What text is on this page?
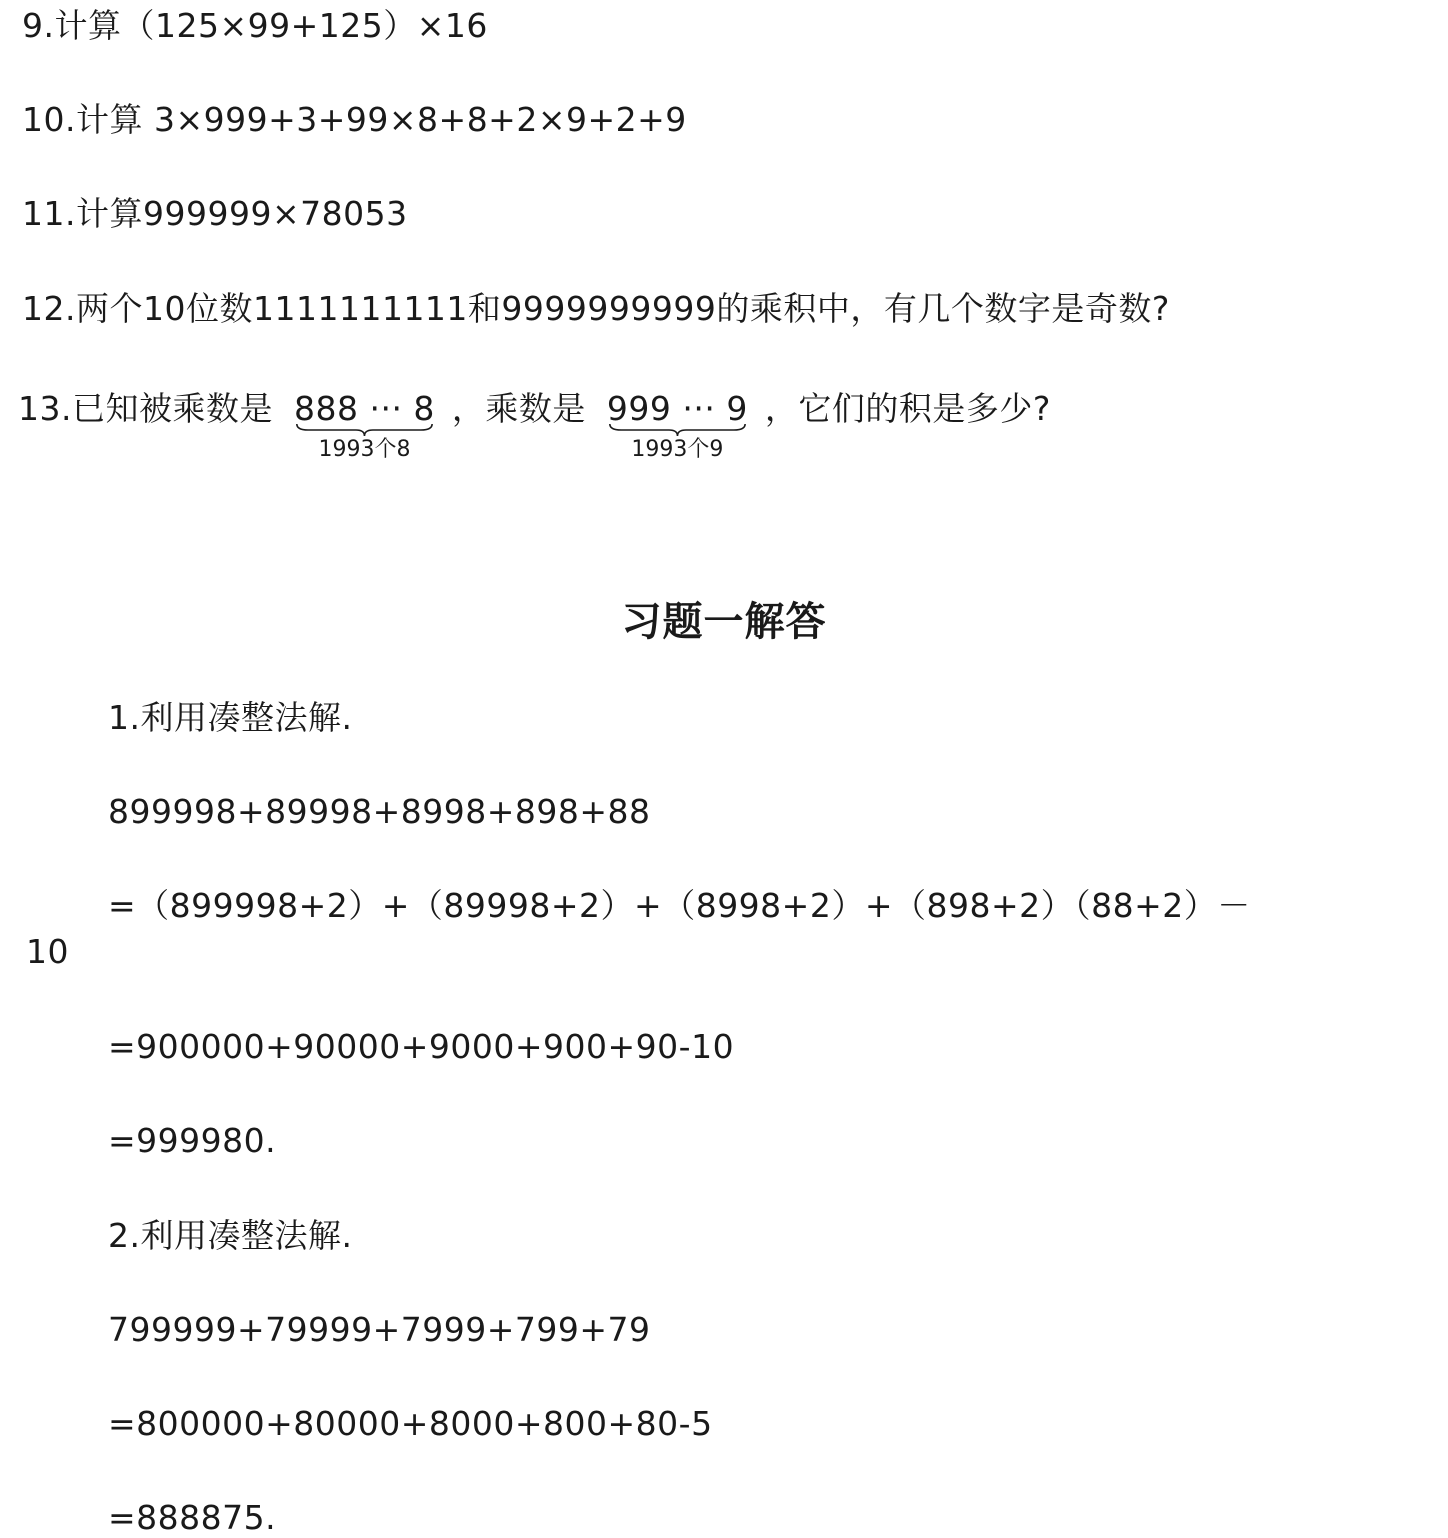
9.计算（125×99+125）×16
10.计算 3×999+3+99×8+8+2×9+2+9
11.计算999999×78053
12.两个10位数1111111111和9999999999的乘积中，有几个数字是奇数?
13.已知被乘数是 888 ··· 8
1993个8
，乘数是 999 ··· 9
1993个9
，它们的积是多少?
习题一解答
1.利用凑整法解.
899998+89998+8998+898+88
=（899998+2）+（89998+2）+（8998+2）+（898+2）（88+2）－
10
=900000+90000+9000+900+90-10
=999980.
2.利用凑整法解.
799999+79999+7999+799+79
=800000+80000+8000+800+80-5
=888875.
